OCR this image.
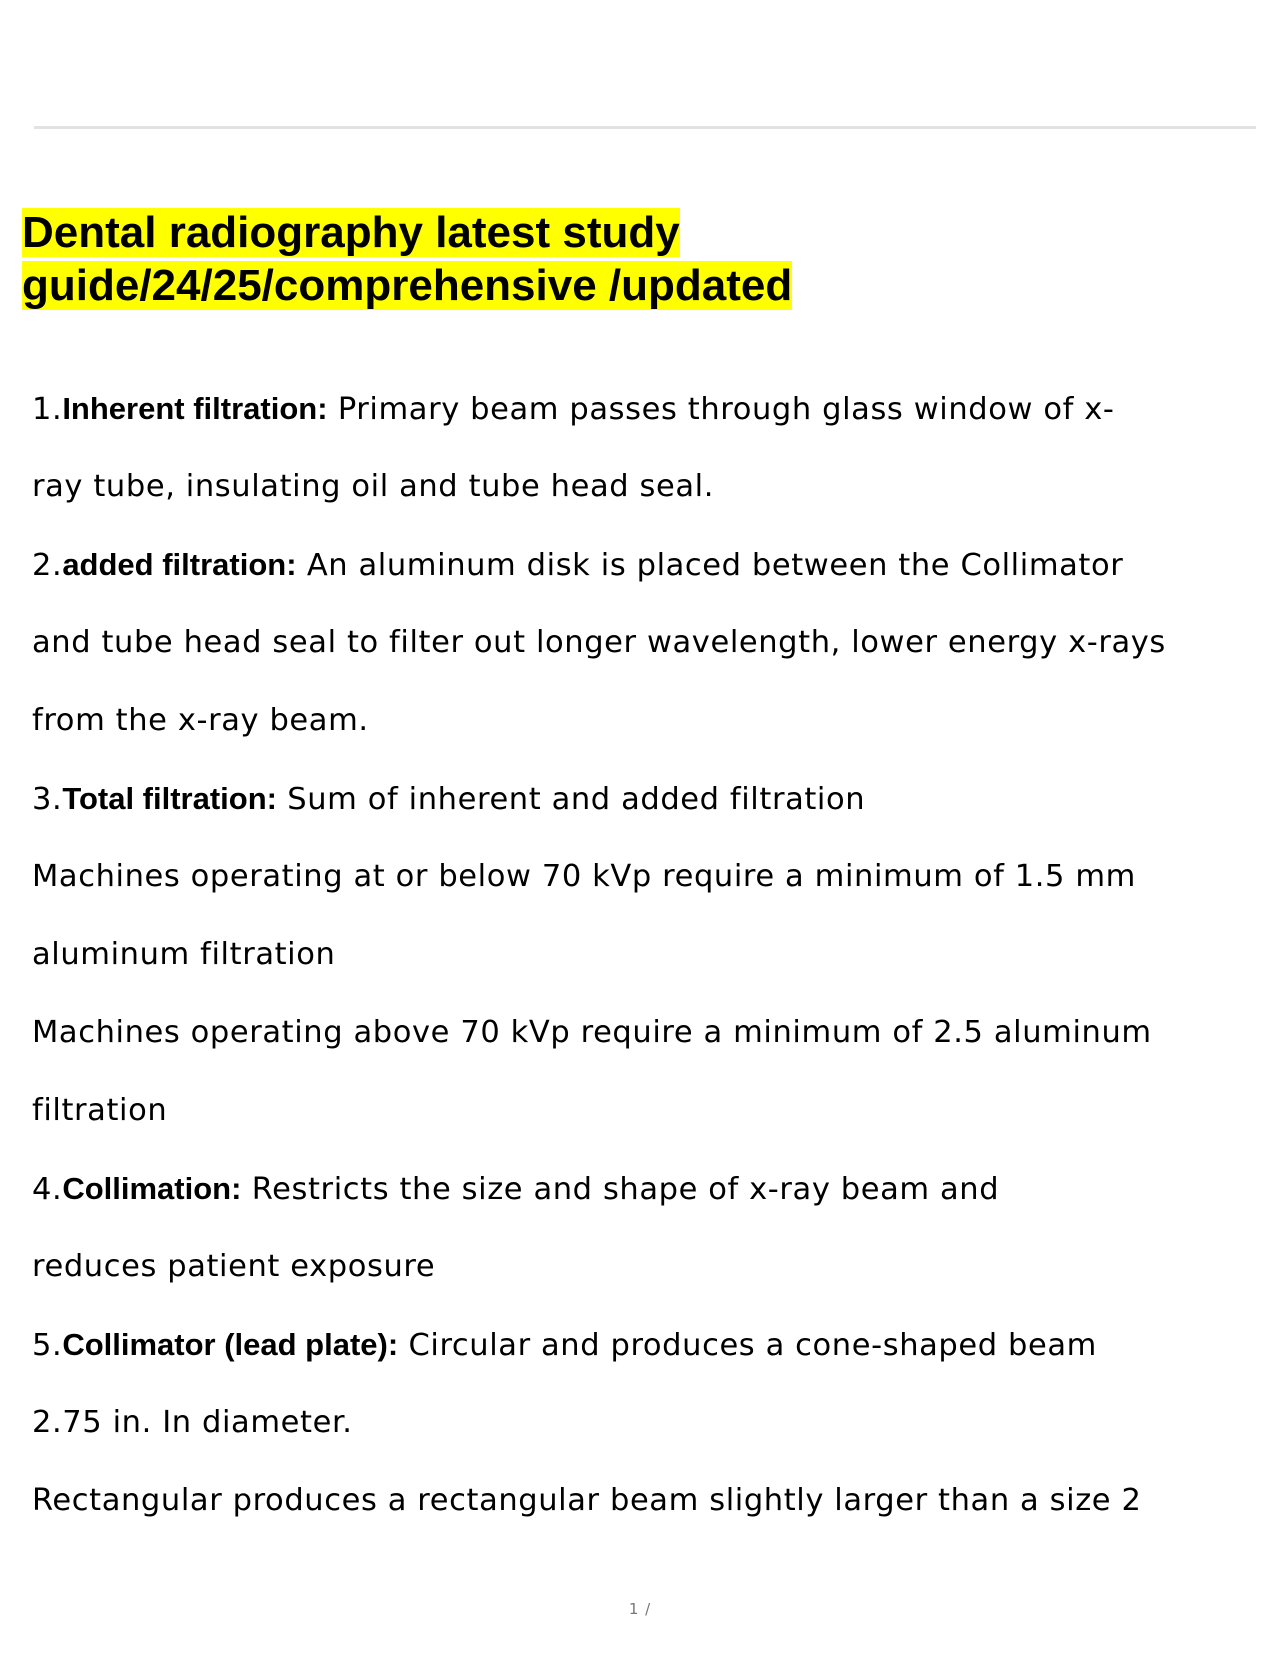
Dental radiography latest study
guide/24/25/comprehensive /updated
1.Inherent filtration: Primary beam passes through glass window of x-
ray tube, insulating oil and tube head seal.
2.added filtration: An aluminum disk is placed between the Collimator
and tube head seal to filter out longer wavelength, lower energy x-rays
from the x-ray beam.
3.Total filtration: Sum of inherent and added filtration
Machines operating at or below 70 kVp require a minimum of 1.5 mm
aluminum filtration
Machines operating above 70 kVp require a minimum of 2.5 aluminum
filtration
4.Collimation: Restricts the size and shape of x-ray beam and
reduces patient exposure
5.Collimator (lead plate): Circular and produces a cone-shaped beam
2.75 in. In diameter.
Rectangular produces a rectangular beam slightly larger than a size 2
1 /
